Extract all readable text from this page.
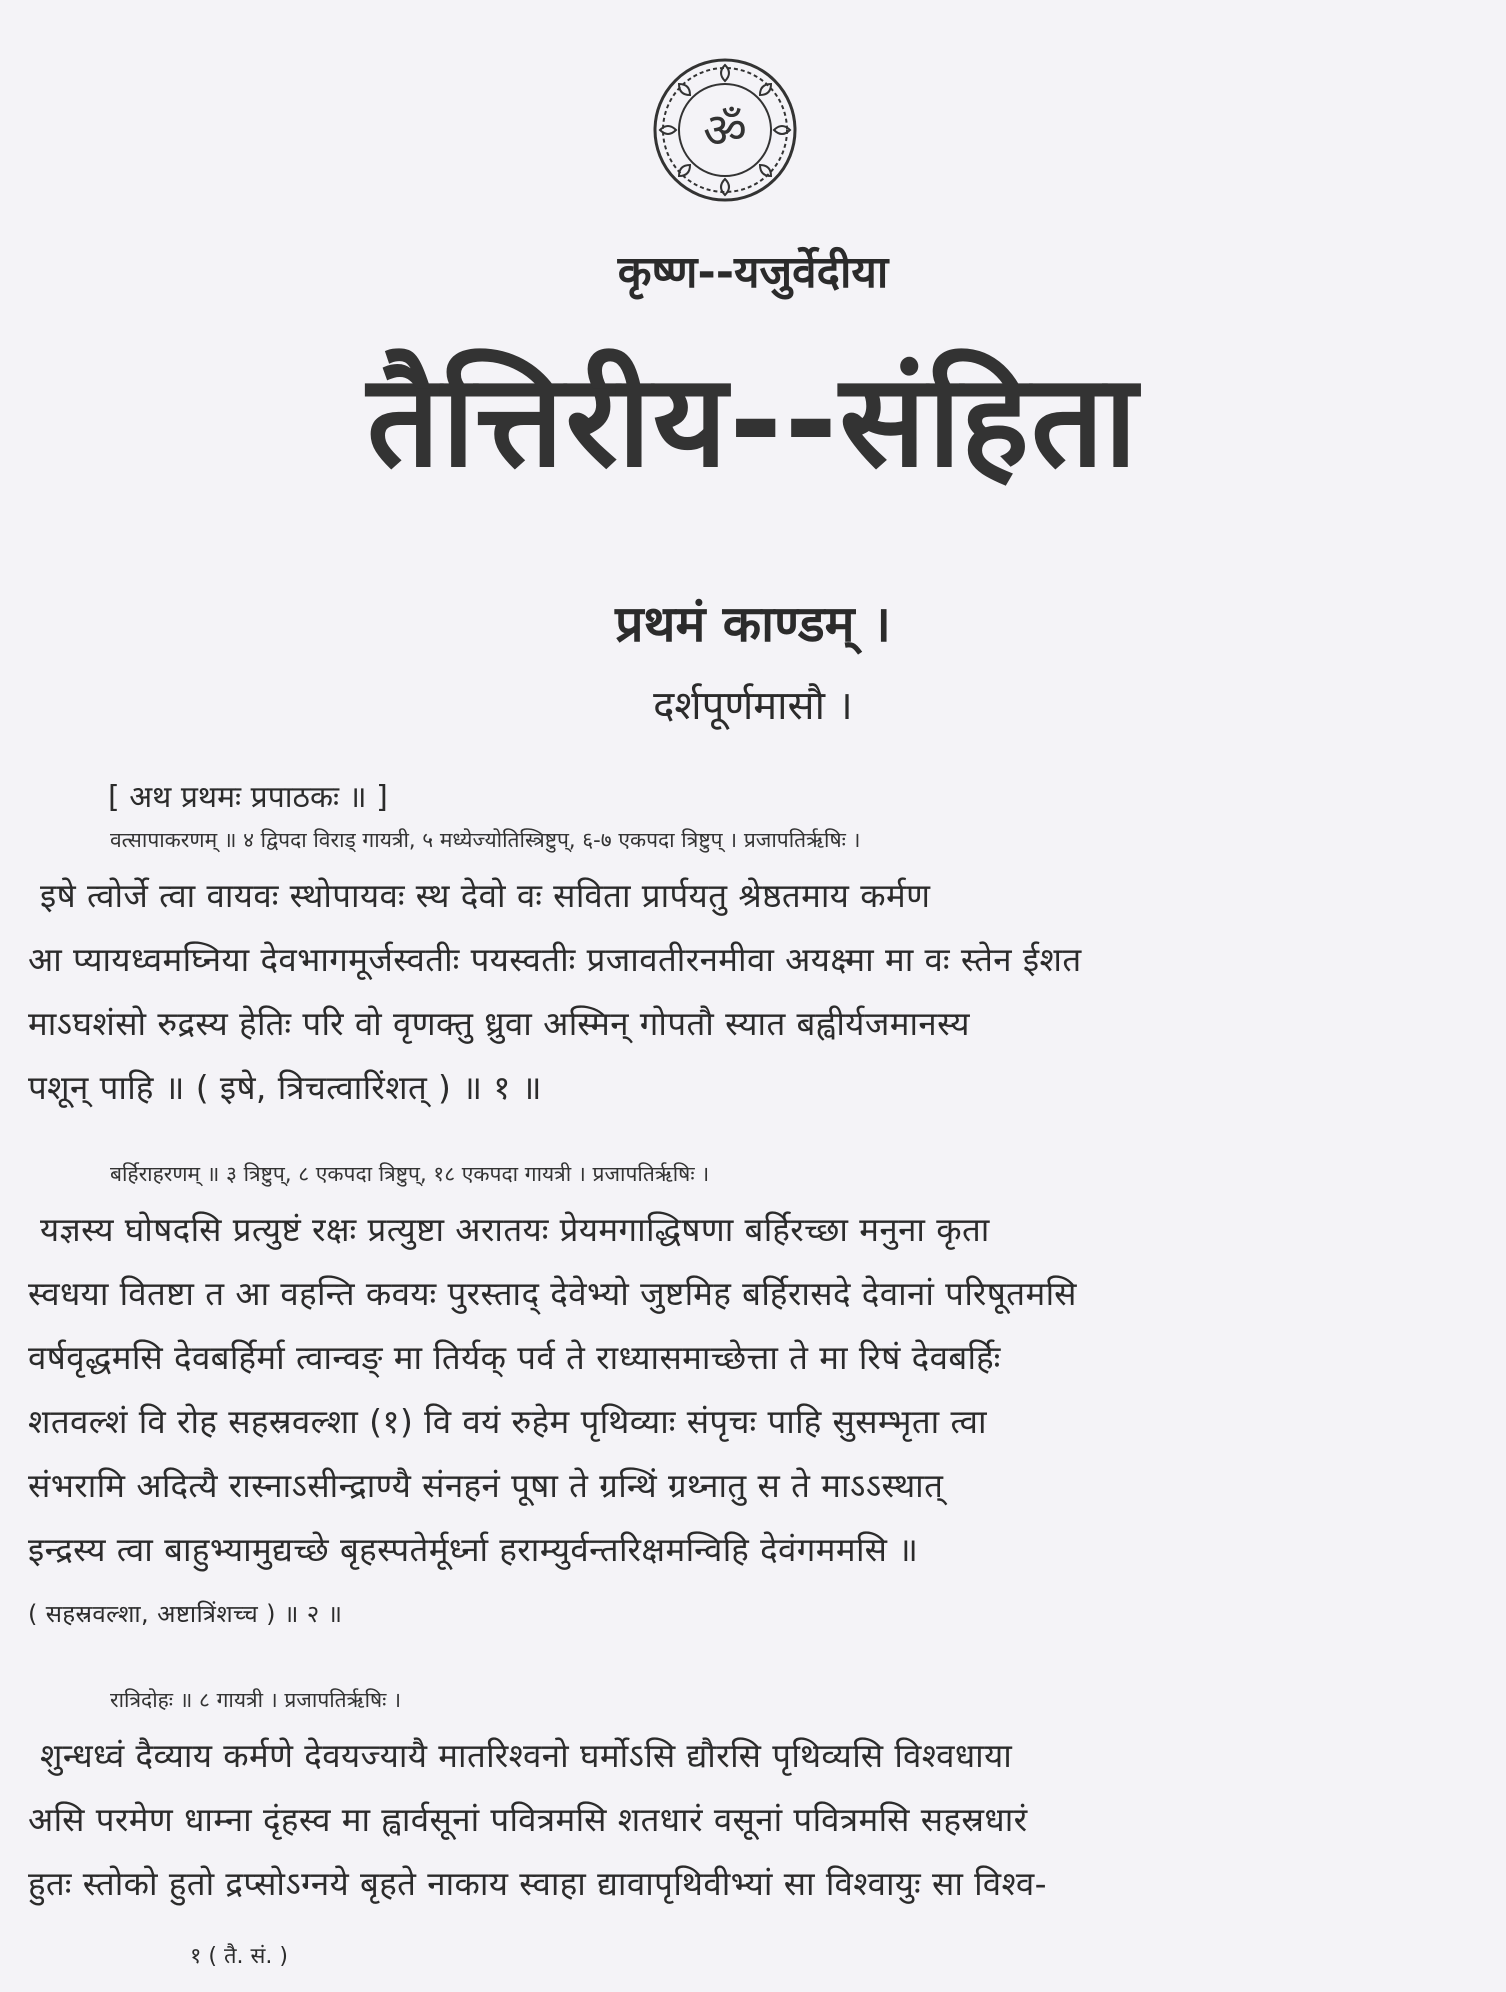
ॐ
कृष्ण--यजुर्वेदीया
तैत्तिरीय--संहिता
प्रथमं काण्डम् ।
दर्शपूर्णमासौ ।
[ अथ प्रथमः प्रपाठकः ॥ ]
वत्सापाकरणम् ॥ ४ द्विपदा विराड् गायत्री, ५ मध्येज्योतिस्त्रिष्टुप्, ६-७ एकपदा त्रिष्टुप् । प्रजापतिर्ऋषिः ।
इषे त्वोर्जे त्वा वायवः स्थोपायवः स्थ देवो वः सविता प्रार्पयतु श्रेष्ठतमाय कर्मण
आ प्यायध्वमघ्निया देवभागमूर्जस्वतीः पयस्वतीः प्रजावतीरनमीवा अयक्ष्मा मा वः स्तेन ईशत
माऽघशंसो रुद्रस्य हेतिः परि वो वृणक्तु ध्रुवा अस्मिन् गोपतौ स्यात बह्वीर्यजमानस्य
पशून् पाहि ॥ ( इषे, त्रिचत्वारिंशत् ) ॥ १ ॥
बर्हिराहरणम् ॥ ३ त्रिष्टुप्, ८ एकपदा त्रिष्टुप्, १८ एकपदा गायत्री । प्रजापतिर्ऋषिः ।
यज्ञस्य घोषदसि प्रत्युष्टं रक्षः प्रत्युष्टा अरातयः प्रेयमगाद्धिषणा बर्हिरच्छा मनुना कृता
स्वधया वितष्टा त आ वहन्ति कवयः पुरस्ताद् देवेभ्यो जुष्टमिह बर्हिरासदे देवानां परिषूतमसि
वर्षवृद्धमसि देवबर्हिर्मा त्वान्वङ् मा तिर्यक् पर्व ते राध्यासमाच्छेत्ता ते मा रिषं देवबर्हिः
शतवल्शं वि रोह सहस्रवल्शा (१) वि वयं रुहेम पृथिव्याः संपृचः पाहि सुसम्भृता त्वा
संभरामि अदित्यै रास्नाऽसीन्द्राण्यै संनहनं पूषा ते ग्रन्थिं ग्रथ्नातु स ते माऽऽस्थात्
इन्द्रस्य त्वा बाहुभ्यामुद्यच्छे बृहस्पतेर्मूर्ध्ना हराम्युर्वन्तरिक्षमन्विहि देवंगममसि ॥
( सहस्रवल्शा, अष्टात्रिंशच्च ) ॥ २ ॥
रात्रिदोहः ॥ ८ गायत्री । प्रजापतिर्ऋषिः ।
शुन्धध्वं दैव्याय कर्मणे देवयज्यायै मातरिश्वनो घर्मोऽसि द्यौरसि पृथिव्यसि विश्वधाया
असि परमेण धाम्ना दृंहस्व मा ह्वार्वसूनां पवित्रमसि शतधारं वसूनां पवित्रमसि सहस्रधारं
हुतः स्तोको हुतो द्रप्सोऽग्नये बृहते नाकाय स्वाहा द्यावापृथिवीभ्यां सा विश्वायुः सा विश्व-
१ ( तै. सं. )
